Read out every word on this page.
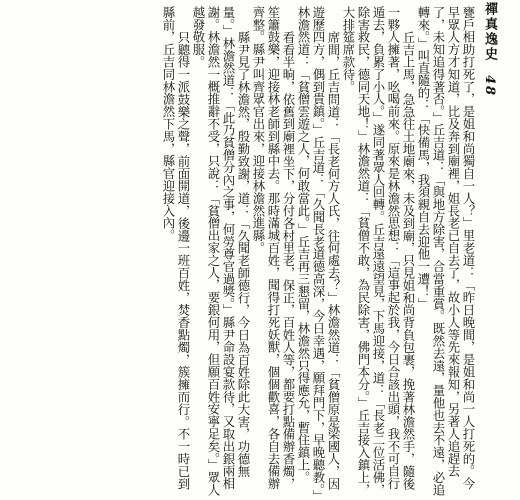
禪真逸史 48

甕戶相助打死了，是姐和尚獨自一人？」里老道：「昨日晚間，是姐和尚一人打死的。今早眾人方才知道，比及奔到廟裡，姐長老已自去了，故小人等先來報知，另著人追趕去了，未知追得著否。」丘吉道：「與地方除害，合當重賞。既然去遠，量他也去不遠，必追轉來。」叫直隨的：「快備馬，我須親自去迎他一遭！」

丘吉上馬，急急往土地廟來，未及到廟，只見姐和尚背負包裹，挽著林澹然手，隨後一夥人擁著，吆喝前來。原來是林澹然思想：「這事起於我，今日合該出頭，我不可自行遁去，負累了小人。」遂同著眾人回轉。丘吉遠遠望見，下馬迎接，道：「長老二位活佛，除害救民，德同天地！」林澹然道：「貧僧不敢，為民除害，佛門本分。」丘吉接入鎮上，大排筵席款待。

席間，丘吉問道：「長老何方人氏，往何處去？」林澹然道：「貧僧原是梁國人，因遊歷四方，偶到貴鎮。」丘吉道：「久聞長老道德高深，今日幸遇，願拜門下，早晚聽教。」林澹然道：「貧僧雲遊之人，何敢當此。」丘吉再三懇留，林澹然只得應允，暫住鎮上。

看看半晌，依舊到廟裡坐下，分付各村里老，保正，百姓人等，都要打點備辦香燭，笙簫鼓樂，迎接林老師到縣中去。那時滿城百姓，聞得打死妖獸，個個歡喜，各自去備辦齊整。縣尹叫齊眾官出來，迎接林澹然進縣。

縣尹見了林澹然，殷勤致謝，道：「久聞老師德行，今日為百姓除此大害，功德無量。」林澹然道：「此乃貧僧分內之事，何勞尊官過獎。」縣尹命設宴款待，又取出銀兩相謝。林澹然一概推辭不受，只說：「貧僧出家之人，要銀何用，但願百姓安寧足矣。」眾人越發敬服。

只聽得一派鼓樂之聲，前面開道，後邊一班百姓，焚香點燭，簇擁而行。不一時已到縣前，丘吉同林澹然下馬，縣官迎接入內。
